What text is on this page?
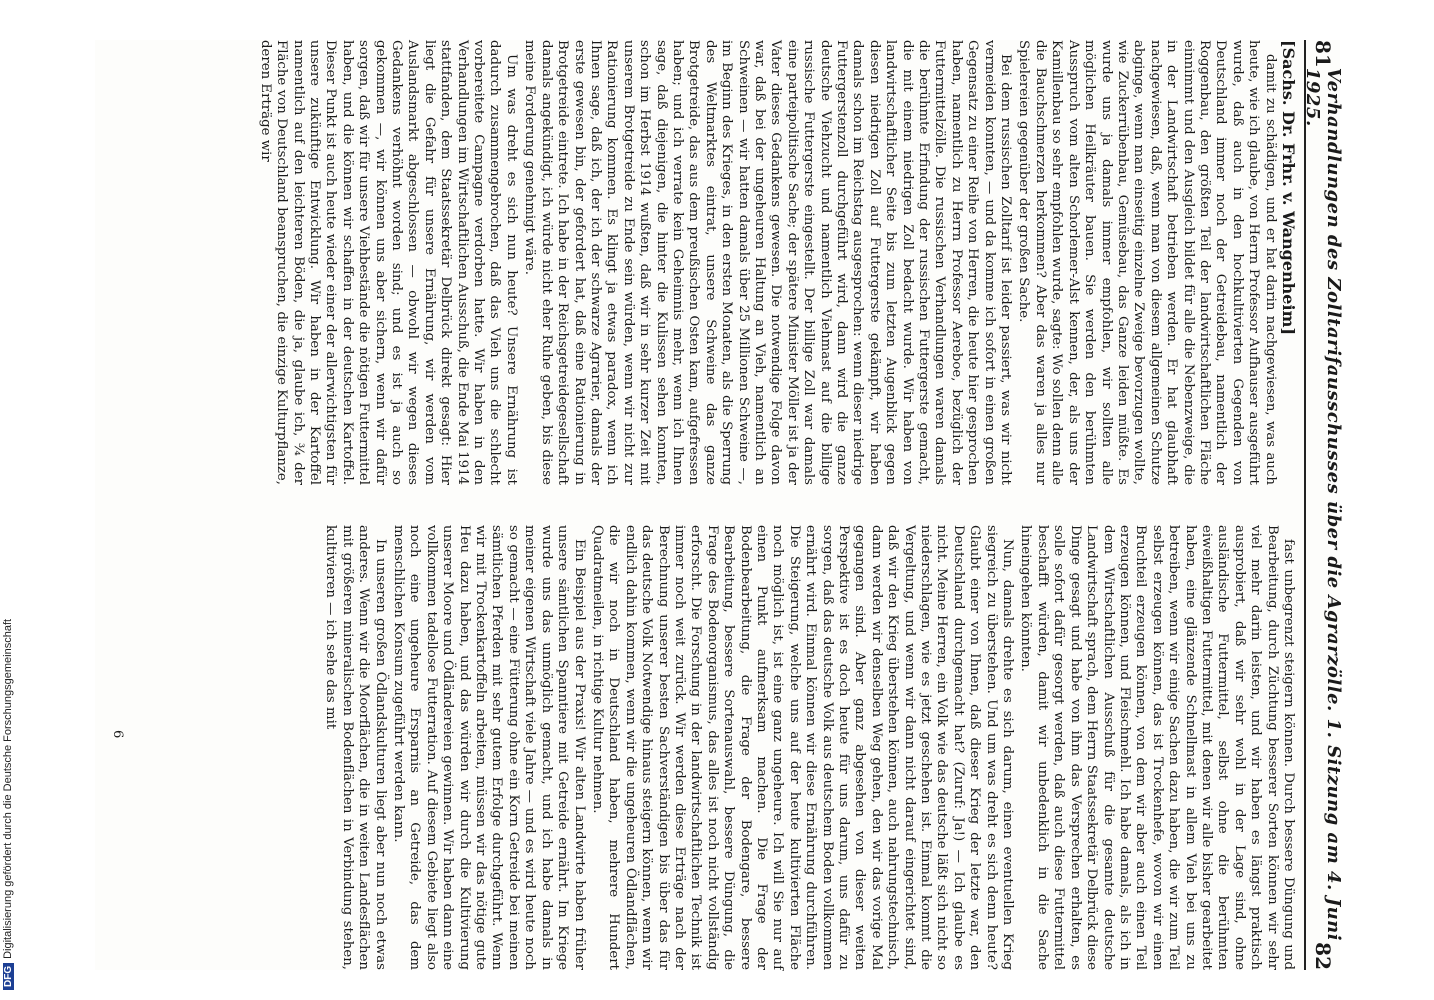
DFGDigitalisierung gefördert durch die Deutsche Forschungsgemeinschaft
81
Verhandlungen des Zolltarifausschusses über die Agrarzölle. 1. Sitzung am 4. Juni 1925.
82

[Sachs. Dr. Frhr. v. Wangenheim]

damit zu schädigen, und er hat darin nachgewiesen, was auch heute, wie ich glaube, von Herrn Professor Aufhauser ausgeführt wurde, daß auch in den hochkultivierten Gegenden von Deutschland immer noch der Getreidebau, namentlich der Roggenbau, den größten Teil der landwirtschaftlichen Fläche einnimmt und den Ausgleich bildet für alle die Nebenzweige, die in der Landwirtschaft betrieben werden. Er hat glaubhaft nachgewiesen, daß, wenn man von diesem allgemeinen Schutze abginge, wenn man einseitig einzelne Zweige bevorzugen wollte, wie Zuckerrübenbau, Gemüsebau, das Ganze leiden müßte. Es wurde uns ja damals immer empfohlen, wir sollten alle möglichen Heilkräuter bauen. Sie werden den berühmten Ausspruch vom alten Schorlemer-Alst kennen, der, als uns der Kamillenbau so sehr empfohlen wurde, sagte: Wo sollen denn alle die Bauchschmerzen herkommen? Aber das waren ja alles nur Spielereien gegenüber der großen Sache.

Bei dem russischen Zolltarif ist leider passiert, was wir nicht vermeiden konnten, — und da komme ich sofort in einen großen Gegensatz zu einer Reihe von Herren, die heute hier gesprochen haben, namentlich zu Herrn Professor Aereboe, bezüglich der Futtermittelzölle. Die russischen Verhandlungen waren damals die berühmte Erfindung der russischen Futtergerste gemacht, die mit einem niedrigen Zoll bedacht wurde. Wir haben von landwirtschaftlicher Seite bis zum letzten Augenblick gegen diesen niedrigen Zoll auf Futtergerste gekämpft, wir haben damals schon im Reichstag ausgesprochen: wenn dieser niedrige Futtergerstenzoll durchgeführt wird, dann wird die ganze deutsche Viehzucht und namentlich Viehmast auf die billige russische Futtergerste eingestellt. Der billige Zoll war damals eine parteipolitische Sache; der spätere Minister Möller ist ja der Vater dieses Gedankens gewesen. Die notwendige Folge davon war, daß bei der ungeheuren Haltung an Vieh, namentlich an Schweinen — wir hatten damals über 25 Millionen Schweine —, im Beginn des Krieges, in den ersten Monaten, als die Sperrung des Weltmarktes eintrat, unsere Schweine das ganze Brotgetreide, das aus dem preußischen Osten kam, aufgefressen haben; und ich verrate kein Geheimnis mehr, wenn ich Ihnen sage, daß diejenigen, die hinter die Kulissen sehen konnten, schon im Herbst 1914 wußten, daß wir in sehr kurzer Zeit mit unserem Brotgetreide zu Ende sein würden, wenn wir nicht zur Rationierung kommen. Es klingt ja etwas paradox, wenn ich Ihnen sage, daß ich, der ich der schwarze Agrarier, damals der erste gewesen bin, der gefordert hat, daß eine Rationierung in Brotgetreide eintrete. Ich habe in der Reichsgetreidegesellschaft damals angekündigt, ich würde nicht eher Ruhe geben, bis diese meine Forderung genehmigt wäre.

Um was dreht es sich nun heute? Unsere Ernährung ist dadurch zusammengebrochen, daß das Vieh uns die schlecht vorbereitete Campagne verdorben hatte. Wir haben in den Verhandlungen im Wirtschaftlichen Ausschuß, die Ende Mai 1914 stattfanden, dem Staatssekretär Delbrück direkt gesagt: Hier liegt die Gefahr für unsere Ernährung, wir werden vom Auslandsmarkt abgeschlossen — obwohl wir wegen dieses Gedankens verhöhnt worden sind; und es ist ja auch so gekommen —, wir können uns aber sichern, wenn wir dafür sorgen, daß wir für unsere Viehbestände die nötigen Futtermittel haben, und die können wir schaffen in der deutschen Kartoffel. Dieser Punkt ist auch heute wieder einer der allerwichtigsten für unsere zukünftige Entwicklung. Wir haben in der Kartoffel namentlich auf den leichteren Böden, die ja, glaube ich, ¾ der Fläche von Deutschland beanspruchen, die einzige Kulturpflanze, deren Erträge wir

fast unbegrenzt steigern können. Durch bessere Düngung und Bearbeitung, durch Züchtung besserer Sorten können wir sehr viel mehr darin leisten, und wir haben es längst praktisch ausprobiert, daß wir sehr wohl in der Lage sind, ohne ausländische Futtermittel, selbst ohne die berühmten eiweißhaltigen Futtermittel, mit denen wir alle bisher gearbeitet haben, eine glänzende Schnellmast in allem Vieh bei uns zu betreiben, wenn wir einige Sachen dazu haben, die wir zum Teil selbst erzeugen können, das ist Trockenhefe, wovon wir einen Bruchteil erzeugen können, von dem wir aber auch einen Teil erzeugen können, und Fleischmehl. Ich habe damals, als ich in dem Wirtschaftlichen Ausschuß für die gesamte deutsche Landwirtschaft sprach, dem Herrn Staatssekretär Delbrück diese Dinge gesagt und habe von ihm das Versprechen erhalten, es solle sofort dafür gesorgt werden, daß auch diese Futtermittel beschafft würden, damit wir unbedenklich in die Sache hineingehen könnten.

Nun, damals drehte es sich darum, einen eventuellen Krieg siegreich zu überstehen. Und um was dreht es sich denn heute? Glaubt einer von Ihnen, daß dieser Krieg der letzte war, den Deutschland durchgemacht hat? (Zuruf: Ja!) — Ich glaube es nicht. Meine Herren, ein Volk wie das deutsche läßt sich nicht so niederschlagen, wie es jetzt geschehen ist. Einmal kommt die Vergeltung, und wenn wir dann nicht darauf eingerichtet sind, daß wir den Krieg überstehen können, auch nahrungstechnisch, dann werden wir denselben Weg gehen, den wir das vorige Mal gegangen sind. Aber ganz abgesehen von dieser weiten Perspektive ist es doch heute für uns darum, uns dafür zu sorgen, daß das deutsche Volk aus deutschem Boden vollkommen ernährt wird. Einmal können wir diese Ernährung durchführen. Die Steigerung, welche uns auf der heute kultivierten Fläche noch möglich ist, ist eine ganz ungeheure. Ich will Sie nur auf einen Punkt aufmerksam machen. Die Frage der Bodenbearbeitung, die Frage der Bodengare, bessere Bearbeitung, bessere Sortenauswahl, bessere Düngung, die Frage des Bodenorganismus, das alles ist noch nicht vollständig erforscht. Die Forschung in der landwirtschaftlichen Technik ist immer noch weit zurück. Wir werden diese Erträge nach der Berechnung unserer besten Sachverständigen bis über das für das deutsche Volk Notwendige hinaus steigern können, wenn wir endlich dahin kommen, wenn wir die ungeheuren Ödlandflächen, die wir noch in Deutschland haben, mehrere Hundert Quadratmeilen, in richtige Kultur nehmen.

Ein Beispiel aus der Praxis! Wir alten Landwirte haben früher unsere sämtlichen Spanntiere mit Getreide ernährt. Im Kriege wurde uns das unmöglich gemacht, und ich habe damals in meiner eigenen Wirtschaft viele Jahre — und es wird heute noch so gemacht — eine Fütterung ohne ein Korn Getreide bei meinen sämtlichen Pferden mit sehr gutem Erfolge durchgeführt. Wenn wir mit Trockenkartoffeln arbeiten, müssen wir das nötige gute Heu dazu haben, und das würden wir durch die Kultivierung unserer Moore und Ödländereien gewinnen. Wir haben dann eine vollkommen tadellose Futterration. Auf diesem Gebiete liegt also noch eine ungeheure Ersparnis an Getreide, das dem menschlichen Konsum zugeführt werden kann.

In unseren großen Ödlandskulturen liegt aber nun noch etwas anderes. Wenn wir die Moorflächen, die in weiten Landesflächen mit größeren mineralischen Bodenflächen in Verbindung stehen, kultivieren — ich sehe das mit

6
